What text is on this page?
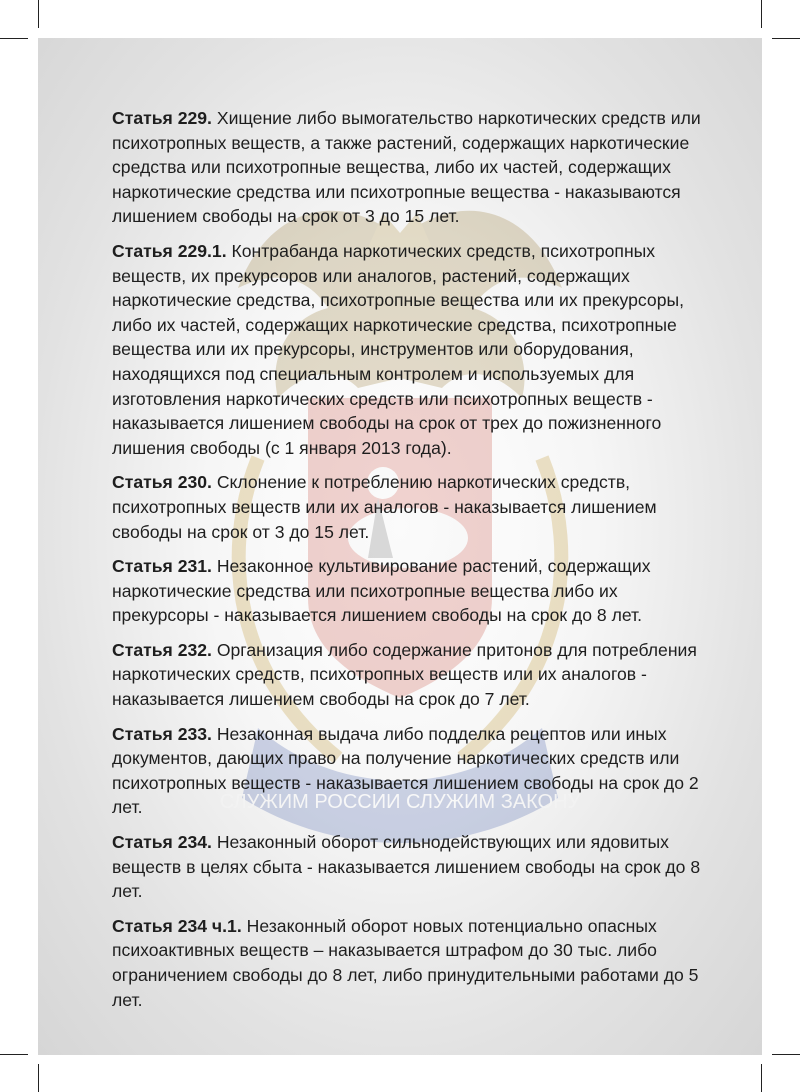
СЛУЖИМ РОССИИ СЛУЖИМ ЗАКОНУ

Статья 229. Хищение либо вымогательство наркотических средств или психотропных веществ, а также растений, содержащих наркотические средства или психотропные вещества, либо их частей, содержащих наркотические средства или психотропные вещества - наказываются лишением свободы на срок от 3 до 15 лет.

Статья 229.1. Контрабанда наркотических средств, психотропных веществ, их прекурсоров или аналогов, растений, содержащих наркотические средства, психотропные вещества или их прекурсоры, либо их частей, содержащих наркотические средства, психотропные вещества или их прекурсоры, инструментов или оборудования, находящихся под специальным контролем и используемых для изготовления наркотических средств или психотропных веществ - наказывается лишением свободы на срок от трех до пожизненного лишения свободы (с 1 января 2013 года).

Статья 230. Склонение к потреблению наркотических средств, психотропных веществ или их аналогов - наказывается лишением свободы на срок от 3 до 15 лет.

Статья 231. Незаконное культивирование растений, содержащих наркотические средства или психотропные вещества либо их прекурсоры - наказывается лишением свободы на срок до 8 лет.

Статья 232. Организация либо содержание притонов для потребления наркотических средств, психотропных веществ или их аналогов - наказывается лишением свободы на срок до 7 лет.

Статья 233. Незаконная выдача либо подделка рецептов или иных документов, дающих право на получение наркотических средств или психотропных веществ - наказывается лишением свободы на срок до 2 лет.

Статья 234. Незаконный оборот сильнодействующих или ядовитых веществ в целях сбыта - наказывается лишением свободы на срок до 8 лет.

Статья 234 ч.1. Незаконный оборот новых потенциально опасных психоактивных веществ – наказывается штрафом до 30 тыс. либо ограничением свободы до 8 лет, либо принудительными работами до 5 лет.
